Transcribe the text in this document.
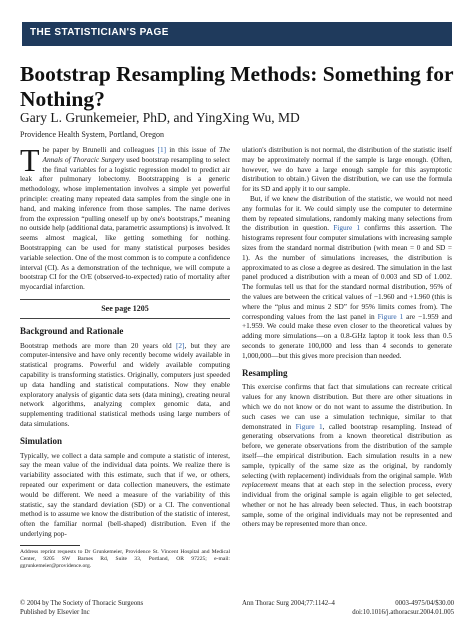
THE STATISTICIAN'S PAGE
Bootstrap Resampling Methods: Something for Nothing?
Gary L. Grunkemeier, PhD, and YingXing Wu, MD
Providence Health System, Portland, Oregon

The paper by Brunelli and colleagues [1] in this issue of The Annals of Thoracic Surgery used bootstrap resampling to select the final variables for a logistic regression model to predict air leak after pulmonary lobectomy. Bootstrapping is a generic methodology, whose implementation involves a simple yet powerful principle: creating many repeated data samples from the single one in hand, and making inference from those samples. The name derives from the expression “pulling oneself up by one's bootstraps,” meaning no outside help (additional data, parametric assumptions) is involved. It seems almost magical, like getting something for nothing. Bootstrapping can be used for many statistical purposes besides variable selection. One of the most common is to compute a confidence interval (CI). As a demonstration of the technique, we will compute a bootstrap CI for the O/E (observed-to-expected) ratio of mortality after myocardial infarction.

See page 1205
Background and Rationale

Bootstrap methods are more than 20 years old [2], but they are computer-intensive and have only recently become widely available in statistical programs. Powerful and widely available computing capability is transforming statistics. Originally, computers just speeded up data handling and statistical computations. Now they enable exploratory analysis of gigantic data sets (data mining), creating neural network algorithms, analyzing complex genomic data, and supplementing traditional statistical methods using large numbers of data simulations.

Simulation

Typically, we collect a data sample and compute a statistic of interest, say the mean value of the individual data points. We realize there is variability associated with this estimate, such that if we, or others, repeated our experiment or data collection maneuvers, the estimate would be different. We need a measure of the variability of this statistic, say the standard deviation (SD) or a CI. The conventional method is to assume we know the distribution of the statistic of interest, often the familiar normal (bell-shaped) distribution. Even if the underlying pop-

Address reprint requests to Dr Grunkemeier, Providence St. Vincent Hospital and Medical Center, 9205 SW Barnes Rd, Suite 33, Portland, OR 97225; e-mail: ggrunkemeier@providence.org.

ulation's distribution is not normal, the distribution of the statistic itself may be approximately normal if the sample is large enough. (Often, however, we do have a large enough sample for this asymptotic distribution to obtain.) Given the distribution, we can use the formula for its SD and apply it to our sample.

But, if we knew the distribution of the statistic, we would not need any formulas for it. We could simply use the computer to determine them by repeated simulations, randomly making many selections from the distribution in question. Figure 1 confirms this assertion. The histograms represent four computer simulations with increasing sample sizes from the standard normal distribution (with mean = 0 and SD = 1). As the number of simulations increases, the distribution is approximated to as close a degree as desired. The simulation in the last panel produced a distribution with a mean of 0.003 and SD of 1.002. The formulas tell us that for the standard normal distribution, 95% of the values are between the critical values of −1.960 and +1.960 (this is where the “plus and minus 2 SD” for 95% limits comes from). The corresponding values from the last panel in Figure 1 are −1.959 and +1.959. We could make these even closer to the theoretical values by adding more simulations—on a 0.8-GHz laptop it took less than 0.5 seconds to generate 100,000 and less than 4 seconds to generate 1,000,000—but this gives more precision than needed.

Resampling

This exercise confirms that fact that simulations can recreate critical values for any known distribution. But there are other situations in which we do not know or do not want to assume the distribution. In such cases we can use a simulation technique, similar to that demonstrated in Figure 1, called bootstrap resampling. Instead of generating observations from a known theoretical distribution as before, we generate observations from the distribution of the sample itself—the empirical distribution. Each simulation results in a new sample, typically of the same size as the original, by randomly selecting (with replacement) individuals from the original sample. With replacement means that at each step in the selection process, every individual from the original sample is again eligible to get selected, whether or not he has already been selected. Thus, in each bootstrap sample, some of the original individuals may not be represented and others may be represented more than once.

© 2004 by The Society of Thoracic Surgeons
Published by Elsevier Inc
Ann Thorac Surg 2004;77:1142–4	0003-4975/04/$30.00
doi:10.1016/j.athoracsur.2004.01.005
